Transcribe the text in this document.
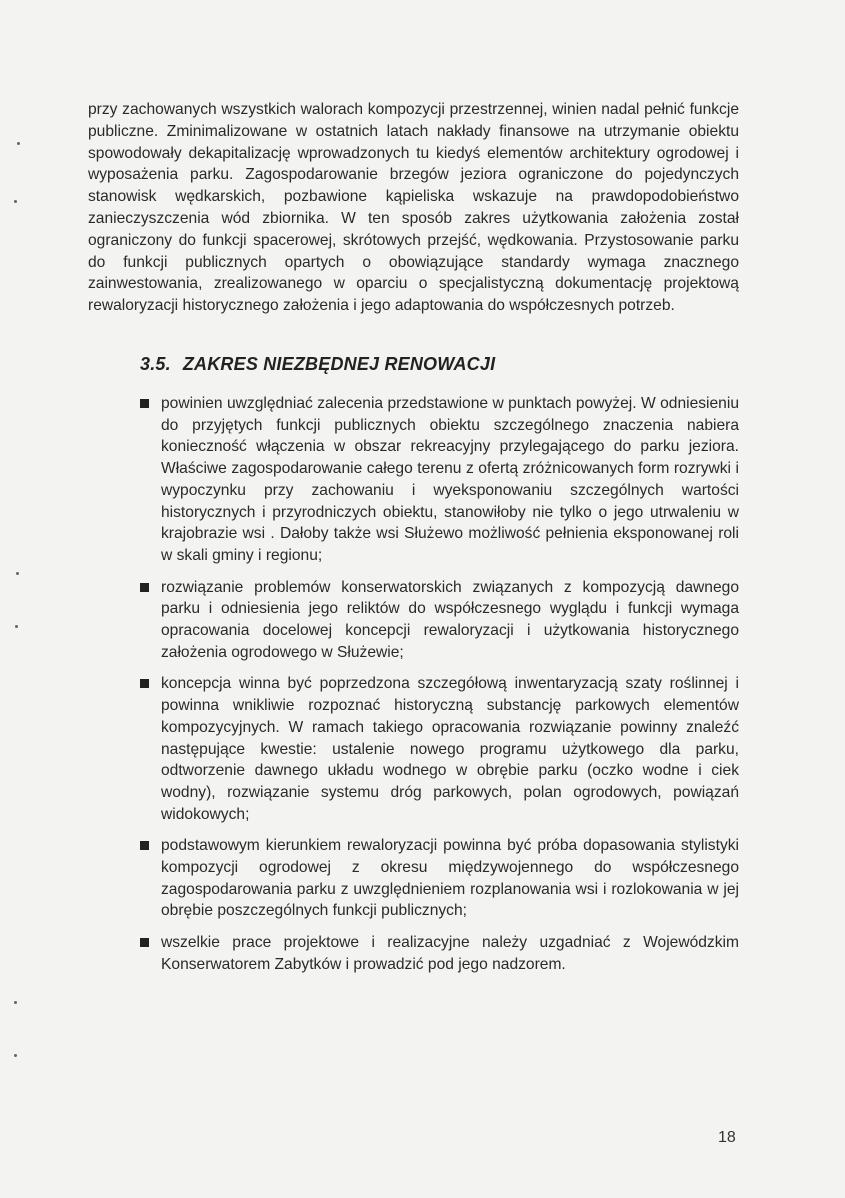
przy zachowanych wszystkich walorach kompozycji przestrzennej, winien nadal pełnić funkcje publiczne. Zminimalizowane w ostatnich latach nakłady finansowe na utrzymanie obiektu spowodowały dekapitalizację wprowadzonych tu kiedyś elementów architektury ogrodowej i wyposażenia parku. Zagospodarowanie brzegów jeziora ograniczone do pojedynczych stanowisk wędkarskich, pozbawione kąpieliska wskazuje na prawdopodobieństwo zanieczyszczenia wód zbiornika. W ten sposób zakres użytkowania założenia został ograniczony do funkcji spacerowej, skrótowych przejść, wędkowania. Przystosowanie parku do funkcji publicznych opartych o obowiązujące standardy wymaga znacznego zainwestowania, zrealizowanego w oparciu o specjalistyczną dokumentację projektową rewaloryzacji historycznego założenia i jego adaptowania do współczesnych potrzeb.

3.5. ZAKRES NIEZBĘDNEJ RENOWACJI
powinien uwzględniać zalecenia przedstawione w punktach powyżej. W odniesieniu do przyjętych funkcji publicznych obiektu szczególnego znaczenia nabiera konieczność włączenia w obszar rekreacyjny przylegającego do parku jeziora. Właściwe zagospodarowanie całego terenu z ofertą zróżnicowanych form rozrywki i wypoczynku przy zachowaniu i wyeksponowaniu szczególnych wartości historycznych i przyrodniczych obiektu, stanowiłoby nie tylko o jego utrwaleniu w krajobrazie wsi . Dałoby także wsi Służewo możliwość pełnienia eksponowanej roli w skali gminy i regionu;
rozwiązanie problemów konserwatorskich związanych z kompozycją dawnego parku i odniesienia jego reliktów do współczesnego wyglądu i funkcji wymaga opracowania docelowej koncepcji rewaloryzacji i użytkowania historycznego założenia ogrodowego w Służewie;
koncepcja winna być poprzedzona szczegółową inwentaryzacją szaty roślinnej i powinna wnikliwie rozpoznać historyczną substancję parkowych elementów kompozycyjnych. W ramach takiego opracowania rozwiązanie powinny znaleźć następujące kwestie: ustalenie nowego programu użytkowego dla parku, odtworzenie dawnego układu wodnego w obrębie parku (oczko wodne i ciek wodny), rozwiązanie systemu dróg parkowych, polan ogrodowych, powiązań widokowych;
podstawowym kierunkiem rewaloryzacji powinna być próba dopasowania stylistyki kompozycji ogrodowej z okresu międzywojennego do współczesnego zagospodarowania parku z uwzględnieniem rozplanowania wsi i rozlokowania w jej obrębie poszczególnych funkcji publicznych;
wszelkie prace projektowe i realizacyjne należy uzgadniać z Wojewódzkim Konserwatorem Zabytków i prowadzić pod jego nadzorem.
18
